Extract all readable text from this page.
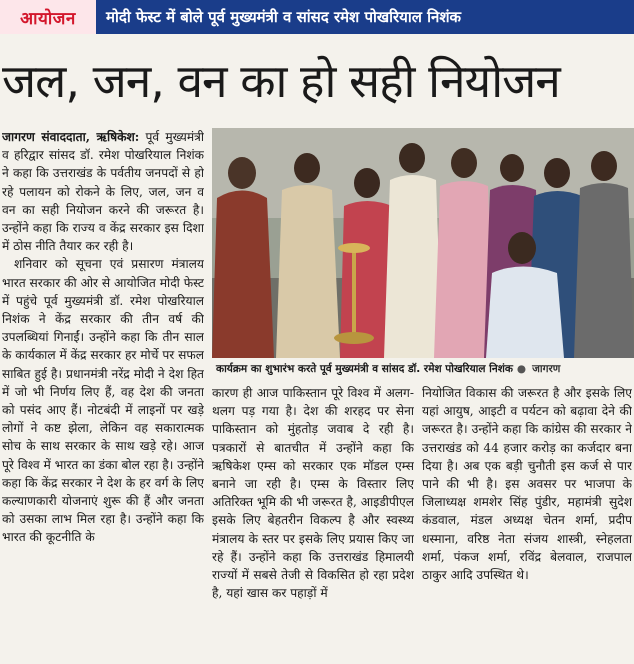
आयोजन	मोदी फेस्ट में बोले पूर्व मुख्यमंत्री व सांसद रमेश पोखरियाल निशंक
जल, जन, वन का हो सही नियोजन

जागरण संवाददाता, ऋषिकेश: पूर्व मुख्यमंत्री व हरिद्वार सांसद डॉ. रमेश पोखरियाल निशंक ने कहा कि उत्तराखंड के पर्वतीय जनपदों से हो रहे पलायन को रोकने के लिए, जल, जन व वन का सही नियोजन करने की जरूरत है। उन्होंने कहा कि राज्य व केंद्र सरकार इस दिशा में ठोस नीति तैयार कर रही है।

शनिवार को सूचना एवं प्रसारण मंत्रालय भारत सरकार की ओर से आयोजित मोदी फेस्ट में पहुंचे पूर्व मुख्यमंत्री डॉ. रमेश पोखरियाल निशंक ने केंद्र सरकार की तीन वर्ष की उपलब्धियां गिनाईं। उन्होंने कहा कि तीन साल के कार्यकाल में केंद्र सरकार हर मोर्चे पर सफल साबित हुई है। प्रधानमंत्री नरेंद्र मोदी ने देश हित में जो भी निर्णय लिए हैं, वह देश की जनता को पसंद आए हैं। नोटबंदी में लाइनों पर खड़े लोगों ने कष्ट झेला, लेकिन वह सकारात्मक सोच के साथ सरकार के साथ खड़े रहे। आज पूरे विश्व में भारत का डंका बोल रहा है। उन्होंने कहा कि केंद्र सरकार ने देश के हर वर्ग के लिए कल्याणकारी योजनाएं शुरू की हैं और जनता को उसका लाभ मिल रहा है। उन्होंने कहा कि भारत की कूटनीति के

कार्यक्रम का शुभारंभ करते पूर्व मुख्यमंत्री व सांसद डॉ. रमेश पोखरियाल निशंक ● जागरण

कारण ही आज पाकिस्तान पूरे विश्व में अलग-थलग पड़ गया है। देश की शरहद पर सेना पाकिस्तान को मुंहतोड़ जवाब दे रही है। पत्रकारों से बातचीत में उन्होंने कहा कि ऋषिकेश एम्स को सरकार एक मॉडल एम्स बनाने जा रही है। एम्स के विस्तार लिए अतिरिक्त भूमि की भी जरूरत है, आइडीपीएल इसके लिए बेहतरीन विकल्प है और स्वस्थ्य मंत्रालय के स्तर पर इसके लिए प्रयास किए जा रहे हैं। उन्होंने कहा कि उत्तराखंड हिमालयी राज्यों में सबसे तेजी से विकसित हो रहा प्रदेश है, यहां खास कर पहाड़ों में

नियोजित विकास की जरूरत है और इसके लिए यहां आयुष, आइटी व पर्यटन को बढ़ावा देने की जरूरत है। उन्होंने कहा कि कांग्रेस की सरकार ने उत्तराखंड को 44 हजार करोड़ का कर्जदार बना दिया है। अब एक बड़ी चुनौती इस कर्ज से पार पाने की भी है। इस अवसर पर भाजपा के जिलाध्यक्ष शमशेर सिंह पुंडीर, महामंत्री सुदेश कंडवाल, मंडल अध्यक्ष चेतन शर्मा, प्रदीप धस्माना, वरिष्ठ नेता संजय शास्त्री, स्नेहलता शर्मा, पंकज शर्मा, रविंद्र बेलवाल, राजपाल ठाकुर आदि उपस्थित थे।
